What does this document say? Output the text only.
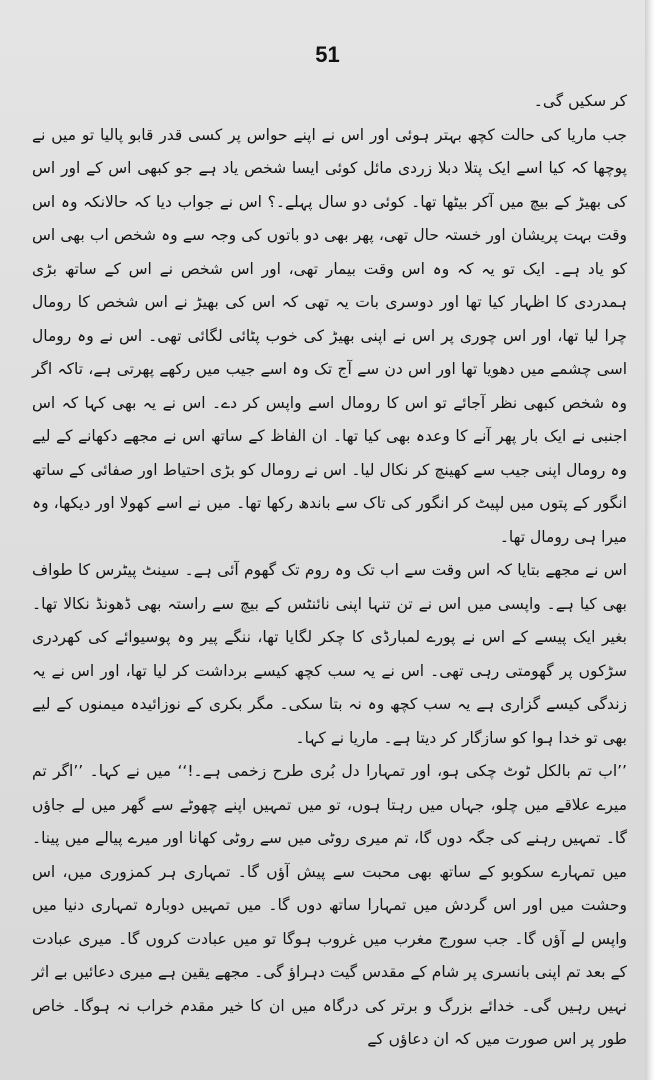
51

کر سکیں گی۔

جب ماریا کی حالت کچھ بہتر ہوئی اور اس نے اپنے حواس پر کسی قدر قابو پالیا تو میں نے پوچھا کہ کیا اسے ایک پتلا دبلا زردی مائل کوئی ایسا شخص یاد ہے جو کبھی اس کے اور اس کی بھیڑ کے بیچ میں آکر بیٹھا تھا۔ کوئی دو سال پہلے۔؟ اس نے جواب دیا کہ حالانکہ وہ اس وقت بہت پریشان اور خستہ حال تھی، پھر بھی دو باتوں کی وجہ سے وہ شخص اب بھی اس کو یاد ہے۔ ایک تو یہ کہ وہ اس وقت بیمار تھی، اور اس شخص نے اس کے ساتھ بڑی ہمدردی کا اظہار کیا تھا اور دوسری بات یہ تھی کہ اس کی بھیڑ نے اس شخص کا رومال چرا لیا تھا، اور اس چوری پر اس نے اپنی بھیڑ کی خوب پٹائی لگائی تھی۔ اس نے وہ رومال اسی چشمے میں دھویا تھا اور اس دن سے آج تک وہ اسے جیب میں رکھے پھرتی ہے، تاکہ اگر وہ شخص کبھی نظر آجائے تو اس کا رومال اسے واپس کر دے۔ اس نے یہ بھی کہا کہ اس اجنبی نے ایک بار پھر آنے کا وعدہ بھی کیا تھا۔ ان الفاظ کے ساتھ اس نے مجھے دکھانے کے لیے وہ رومال اپنی جیب سے کھینچ کر نکال لیا۔ اس نے رومال کو بڑی احتیاط اور صفائی کے ساتھ انگور کے پتوں میں لپیٹ کر انگور کی تاک سے باندھ رکھا تھا۔ میں نے اسے کھولا اور دیکھا، وہ میرا ہی رومال تھا۔

اس نے مجھے بتایا کہ اس وقت سے اب تک وہ روم تک گھوم آئی ہے۔ سینٹ پیٹرس کا طواف بھی کیا ہے۔ واپسی میں اس نے تن تنہا اپنی نائنٹس کے بیچ سے راستہ بھی ڈھونڈ نکالا تھا۔ بغیر ایک پیسے کے اس نے پورے لمبارڈی کا چکر لگایا تھا، ننگے پیر وہ پوسیوائے کی کھردری سڑکوں پر گھومتی رہی تھی۔ اس نے یہ سب کچھ کیسے برداشت کر لیا تھا، اور اس نے یہ زندگی کیسے گزاری ہے یہ سب کچھ وہ نہ بتا سکی۔ مگر بکری کے نوزائیدہ میمنوں کے لیے بھی تو خدا ہوا کو سازگار کر دیتا ہے۔ ماریا نے کہا۔

’’اب تم بالکل ٹوٹ چکی ہو، اور تمہارا دل بُری طرح زخمی ہے۔!‘‘ میں نے کہا۔ ’’اگر تم میرے علاقے میں چلو، جہاں میں رہتا ہوں، تو میں تمہیں اپنے چھوٹے سے گھر میں لے جاؤں گا۔ تمہیں رہنے کی جگہ دوں گا، تم میری روٹی میں سے روٹی کھانا اور میرے پیالے میں پینا۔ میں تمہارے سکوبو کے ساتھ بھی محبت سے پیش آؤں گا۔ تمہاری ہر کمزوری میں، اس وحشت میں اور اس گردش میں تمہارا ساتھ دوں گا۔ میں تمہیں دوبارہ تمہاری دنیا میں واپس لے آؤں گا۔ جب سورج مغرب میں غروب ہوگا تو میں عبادت کروں گا۔ میری عبادت کے بعد تم اپنی بانسری پر شام کے مقدس گیت دہراؤ گی۔ مجھے یقین ہے میری دعائیں بے اثر نہیں رہیں گی۔ خدائے بزرگ و برتر کی درگاہ میں ان کا خیر مقدم خراب نہ ہوگا۔ خاص طور پر اس صورت میں کہ ان دعاؤں کے
